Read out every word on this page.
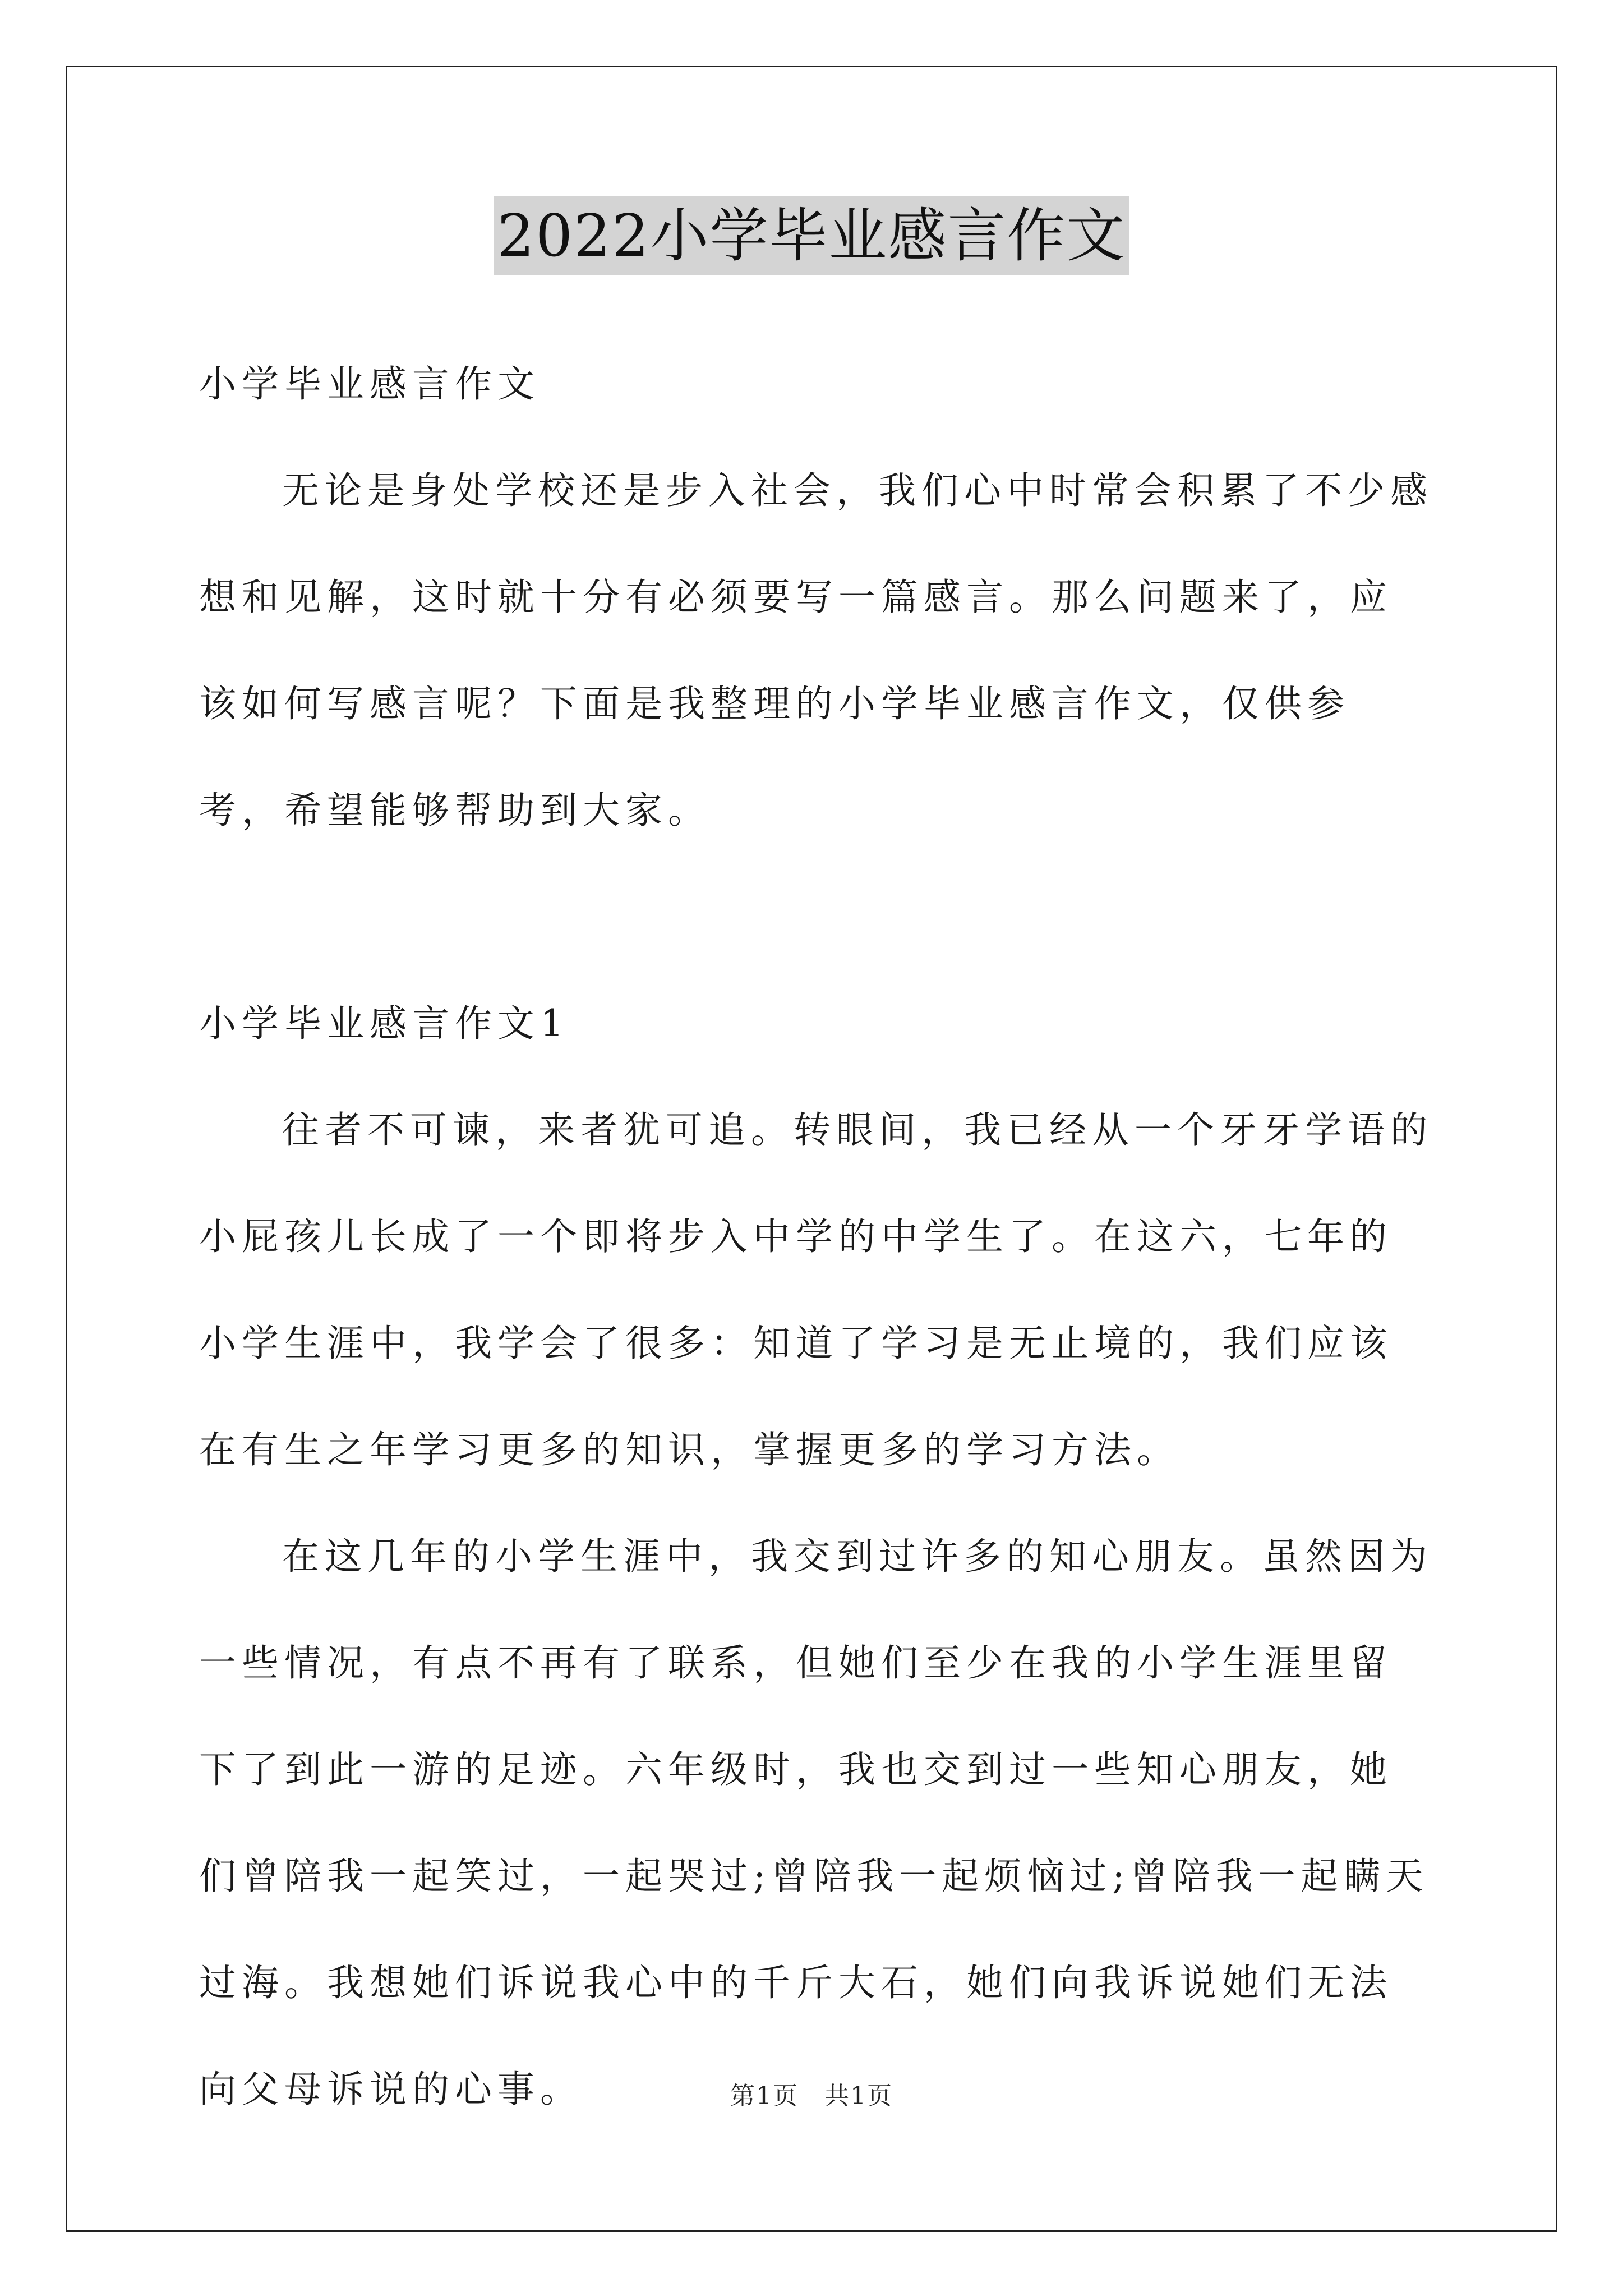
2022小学毕业感言作文

小学毕业感言作文

无论是身处学校还是步入社会，我们心中时常会积累了不少感想和见解，这时就十分有必须要写一篇感言。那么问题来了，应该如何写感言呢？下面是我整理的小学毕业感言作文，仅供参考，希望能够帮助到大家。

小学毕业感言作文1

往者不可谏，来者犹可追。转眼间，我已经从一个牙牙学语的小屁孩儿长成了一个即将步入中学的中学生了。在这六，七年的小学生涯中，我学会了很多：知道了学习是无止境的，我们应该在有生之年学习更多的知识，掌握更多的学习方法。

在这几年的小学生涯中，我交到过许多的知心朋友。虽然因为一些情况，有点不再有了联系，但她们至少在我的小学生涯里留下了到此一游的足迹。六年级时，我也交到过一些知心朋友，她们曾陪我一起笑过，一起哭过;曾陪我一起烦恼过;曾陪我一起瞒天过海。我想她们诉说我心中的千斤大石，她们向我诉说她们无法向父母诉说的心事。	第1页　共1页
